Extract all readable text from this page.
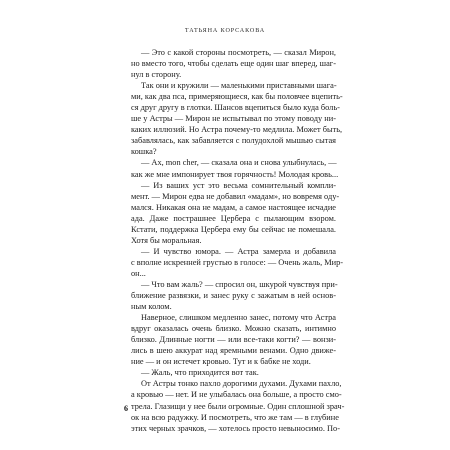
ТАТЬЯНА КОРСАКОВА
— Это с какой стороны посмотреть, — сказал Мирон,
но вместо того, чтобы сделать еще один шаг вперед, шаг-
нул в сторону.
Так они и кружили — маленькими приставными шага-
ми, как два пса, примеряющиеся, как бы половчее вцепить-
ся друг другу в глотки. Шансов вцепиться было куда боль-
ше у Астры — Мирон не испытывал по этому поводу ни-
каких иллюзий. Но Астра почему-то медлила. Может быть,
забавлялась, как забавляется с полудохлой мышью сытая
кошка?
— Ах, mon cher, — сказала она и снова улыбнулась, —
как же мне импонирует твоя горячность! Молодая кровь...
— Из ваших уст это весьма сомнительный компли-
мент. — Мирон едва не добавил «мадам», но вовремя оду-
мался. Никакая она не мадам, а самое настоящее исчадие
ада. Даже пострашнее Цербера с пылающим взором.
Кстати, поддержка Цербера ему бы сейчас не помешала.
Хотя бы моральная.
— И чувство юмора. — Астра замерла и добавила
с вполне искренней грустью в голосе: — Очень жаль, Мир-
он...
— Что вам жаль? — спросил он, шкурой чувствуя при-
ближение развязки, и занес руку с зажатым в ней основ-
ным колом.
Наверное, слишком медленно занес, потому что Астра
вдруг оказалась очень близко. Можно сказать, интимно
близко. Длинные ногти — или все-таки когти? — вонзи-
лись в шею аккурат над яремными венами. Одно движе-
ние — и он истечет кровью. Тут и к бабке не ходи.
— Жаль, что приходится вот так.
От Астры тонко пахло дорогими духами. Духами пахло,
а кровью — нет. И не улыбалась она больше, а просто смо-
трела. Глазищи у нее были огромные. Один сплошной зрач-
ок на всю радужку. И посмотреть, что же там — в глубине
этих черных зрачков, — хотелось просто невыносимо. По-
6
